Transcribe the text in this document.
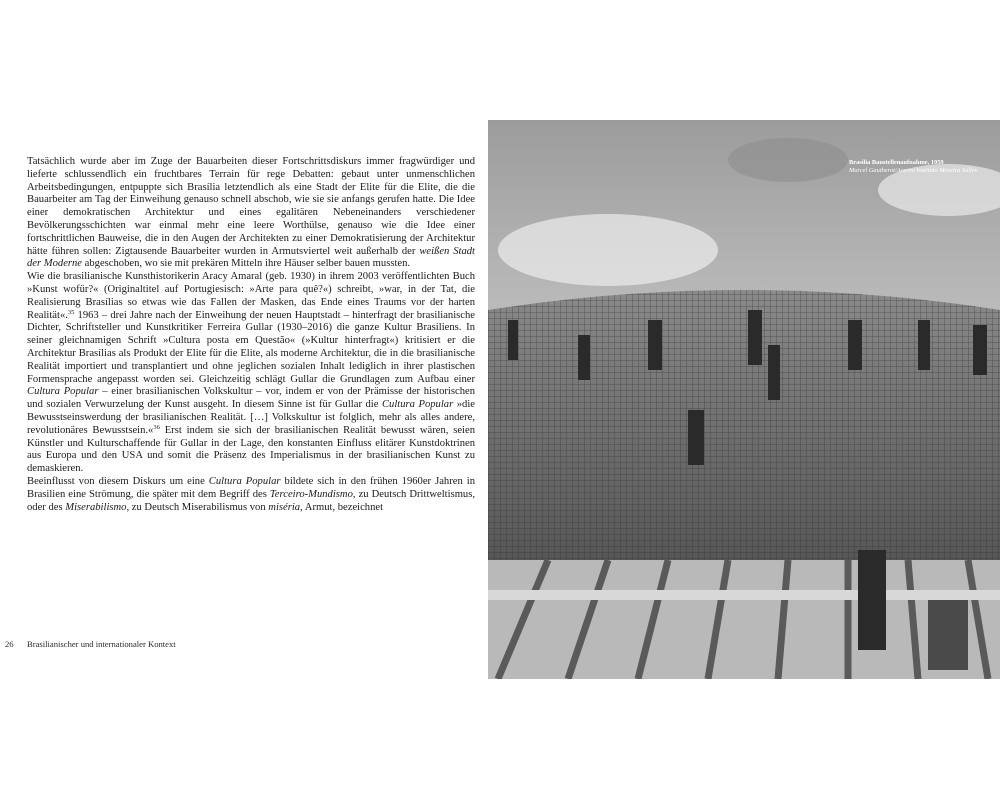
Tatsächlich wurde aber im Zuge der Bauarbeiten dieser Fortschrittsdiskurs immer fragwürdiger und lieferte schlussendlich ein fruchtbares Terrain für rege Debatten: gebaut unter unmenschlichen Arbeitsbedingungen, entpuppte sich Brasília letztendlich als eine Stadt der Elite für die Elite, die die Bauarbeiter am Tag der Einweihung genauso schnell abschob, wie sie sie anfangs gerufen hatte. Die Idee einer demokratischen Architektur und eines egalitären Nebeneinanders verschiedener Bevölkerungsschichten war einmal mehr eine leere Worthülse, genauso wie die Idee einer fortschrittlichen Bauweise, die in den Augen der Architekten zu einer Demokratisierung der Architektur hätte führen sollen: Zigtausende Bauarbeiter wurden in Armutsviertel weit außerhalb der weißen Stadt der Moderne abgeschoben, wo sie mit prekären Mitteln ihre Häuser selber bauen mussten.

Wie die brasilianische Kunsthistorikerin Aracy Amaral (geb. 1930) in ihrem 2003 veröffentlichten Buch »Kunst wofür?« (Originaltitel auf Portugiesisch: »Arte para quê?«) schreibt, »war, in der Tat, die Realisierung Brasílias so etwas wie das Fallen der Masken, das Ende eines Traums vor der harten Realität«.$^{35}$ 1963 – drei Jahre nach der Einweihung der neuen Hauptstadt – hinterfragt der brasilianische Dichter, Schriftsteller und Kunstkritiker Ferreira Gullar (1930–2016) die ganze Kultur Brasiliens. In seiner gleichnamigen Schrift »Cultura posta em Questão« (»Kultur hinterfragt«) kritisiert er die Architektur Brasílias als Produkt der Elite für die Elite, als moderne Architektur, die in die brasilianische Realität importiert und transplantiert und ohne jeglichen sozialen Inhalt lediglich in ihrer plastischen Formensprache angepasst worden sei. Gleichzeitig schlägt Gullar die Grundlagen zum Aufbau einer Cultura Popular – einer brasilianischen Volkskultur – vor, indem er von der Prämisse der historischen und sozialen Verwurzelung der Kunst ausgeht. In diesem Sinne ist für Gullar die Cultura Popular »die Bewusstseinswerdung der brasilianischen Realität. […] Volkskultur ist folglich, mehr als alles andere, revolutionäres Bewusstsein.«$^{36}$ Erst indem sie sich der brasilianischen Realität bewusst wären, seien Künstler und Kulturschaffende für Gullar in der Lage, den konstanten Einfluss elitärer Kunstdoktrinen aus Europa und den USA und somit die Präsenz des Imperialismus in der brasilianischen Kunst zu demaskieren.

Beeinflusst von diesem Diskurs um eine Cultura Popular bildete sich in den frühen 1960er Jahren in Brasilien eine Strömung, die später mit dem Begriff des Terceiro-Mundismo, zu Deutsch Drittweltismus, oder des Miserabilismo, zu Deutsch Miserabilismus von miséria, Armut, bezeichnet

26 Brasilianischer und internationaler Kontext
Brasília Baustellenaufnahme, 1959
Marcel Gautherot/Acervo Instituto Moreira Salles
